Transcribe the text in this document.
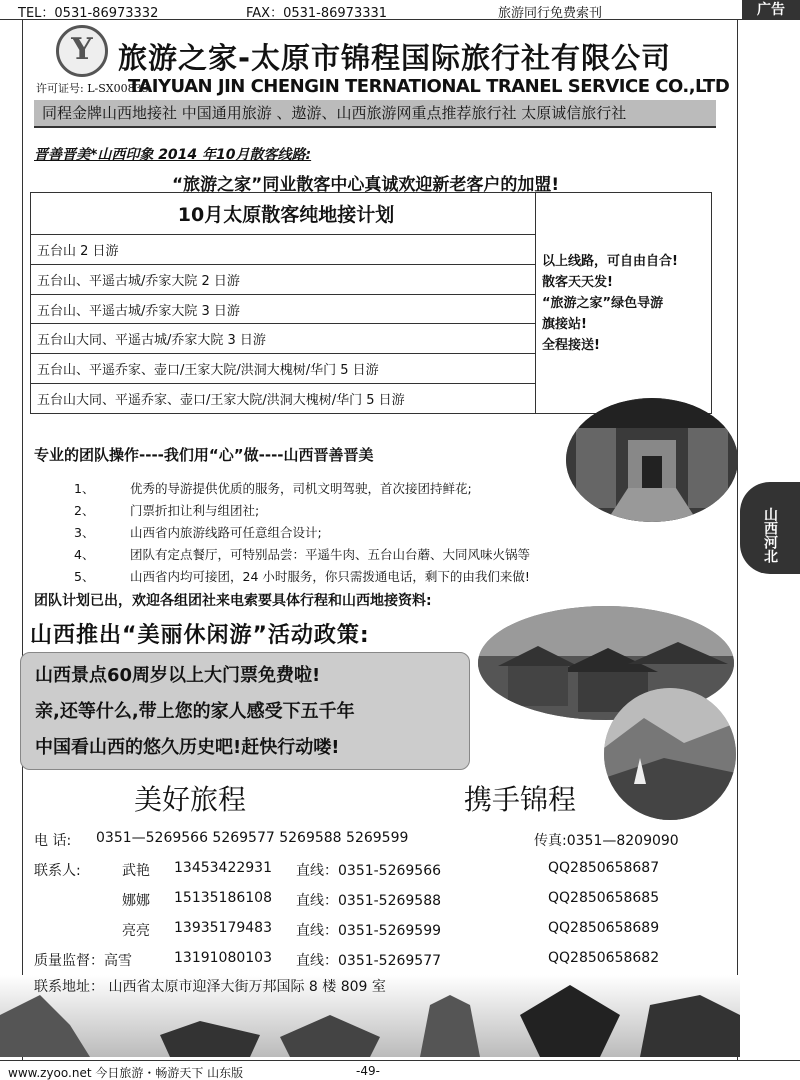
TEL：0531-86973332	FAX：0531-86973331	旅游同行免费索刊	广告
Y 旅游之家-太原市锦程国际旅行社有限公司
许可证号: L-SX00833
TAIYUAN JIN CHENGIN TERNATIONAL TRANEL SERVICE CO.,LTD
同程金牌山西地接社 中国通用旅游 、遨游、山西旅游网重点推荐旅行社 太原诚信旅行社
晋善晋美*山西印象 2014 年10月散客线路:
“旅游之家”同业散客中心真诚欢迎新老客户的加盟!
10月太原散客纯地接计划	
以上线路，可自由自合!
散客天天发!
“旅游之家”绿色导游
旗接站!
全程接送!

五台山 2 日游
五台山、平遥古城/乔家大院 2 日游
五台山、平遥古城/乔家大院 3 日游
五台山大同、平遥古城/乔家大院 3 日游
五台山、平遥乔家、壶口/王家大院/洪洞大槐树/华门 5 日游
五台山大同、平遥乔家、壶口/王家大院/洪洞大槐树/华门 5 日游
山西河北
专业的团队操作----我们用“心”做----山西晋善晋美
1、	优秀的导游提供优质的服务，司机文明驾驶，首次接团持鲜花;
2、	门票折扣让利与组团社;
3、	山西省内旅游线路可任意组合设计;
4、	团队有定点餐厅，可特别品尝：平遥牛肉、五台山台蘑、大同风味火锅等
5、	山西省内均可接团，24 小时服务，你只需拨通电话，剩下的由我们来做!
团队计划已出，欢迎各组团社来电索要具体行程和山西地接资料:
山西推出“美丽休闲游”活动政策:
山西景点60周岁以上大门票免费啦!
亲,还等什么,带上您的家人感受下五千年
中国看山西的悠久历史吧!赶快行动喽!
美好旅程	携手锦程
电 话: 0351—5269566 5269577 5269588 5269599	传真:0351—8209090
联系人:	武艳 13453422931 直线：0351-5269566	QQ2850658687
娜娜 15135186108 直线：0351-5269588	QQ2850658685
亮亮 13935179483 直线：0351-5269599	QQ2850658689
质量监督：高雪	13191080103 直线：0351-5269577	QQ2850658682
联系地址： 山西省太原市迎泽大街万邦国际 8 楼 809 室
www.zyoo.net 今日旅游・畅游天下 山东版	-49-
